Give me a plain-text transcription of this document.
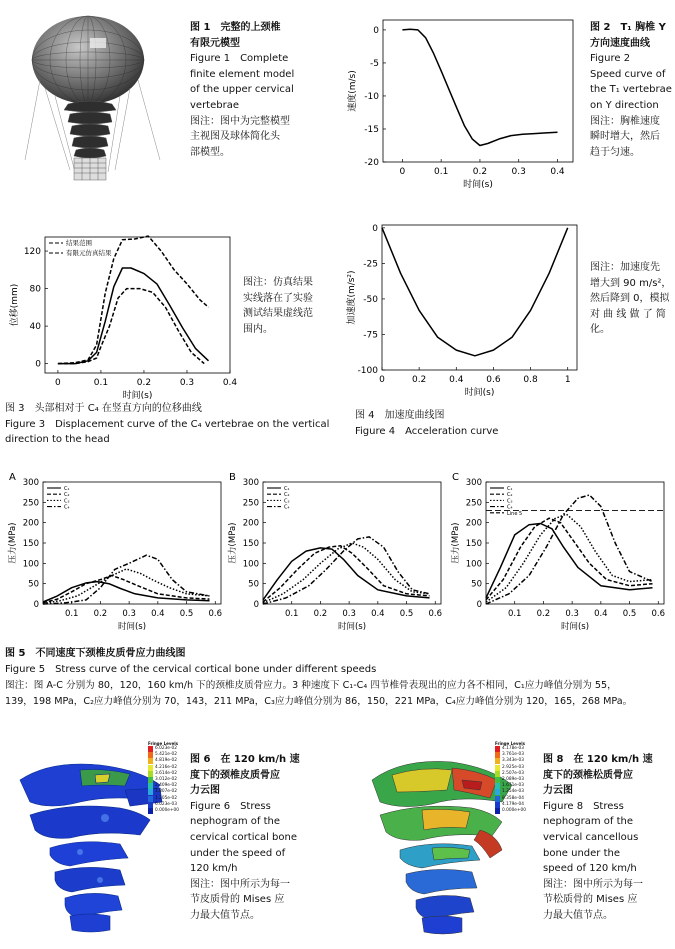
图 1　完整的上颈椎
有限元模型
Figure 1　Complete
finite element model
of the upper cervical
vertebrae
图注：图中为完整模型
主视图及球体简化头
部模型。
0	0.1	0.2	0.3	0.4
0
-5
-10
-15
-20
时间(s)
速度(m/s)
图 2　T₁ 胸椎 Y
方向速度曲线
Figure 2
Speed curve of
the T₁ vertebrae
on Y direction
图注：胸椎速度
瞬时增大，然后
趋于匀速。
0	0.1	0.2	0.3	0.4
0
40
80
120
时间(s)
位移(mm)
结果范围
有限元仿真结果
图注：仿真结果
实线落在了实验
测试结果虚线范
围内。
图 3　头部相对于 C₄ 在竖直方向的位移曲线
Figure 3　Displacement curve of the C₄ vertebrae on the vertical
direction to the head
0	0.2	0.4	0.6	0.8	1
0
-25
-50
-75
-100
时间(s)
加速度(m/s²)
图注：加速度先
增大到 90 m/s²，
然后降到 0，模拟
对 曲 线 做 了 简
化。
图 4　加速度曲线图
Figure 4　Acceleration curve
0.1 0.2 0.3 0.4 0.5 0.6
0
50
100
150
200
250
300
时间(s)
压力(MPa)
C₁
C₂
C₃
C₄
A
0.1 0.2 0.3 0.4 0.5 0.6
0
50
100
150
200
250
300
时间(s)
压力(MPa)
C₁
C₂
C₃
C₄
B
0.1 0.2 0.3 0.4 0.5 0.6
0
50
100
150
200
250
300
时间(s)
压力(MPa)
C₁
C₂
C₃
C₄
Line 5
C
图 5　不同速度下颈椎皮质骨应力曲线图
Figure 5　Stress curve of the cervical cortical bone under different speeds
图注：图 A-C 分别为 80，120，160 km/h 下的颈椎皮质骨应力。3 种速度下 C₁-C₄ 四节椎骨表现出的应力各不相同，C₁应力峰值分别为 55，
139，198 MPa，C₂应力峰值分别为 70，143，211 MPa，C₃应力峰值分别为 86，150，221 MPa，C₄应力峰值分别为 120，165，268 MPa。
Fringe Levels
6.023e-02
5.421e-02
4.819e-02
4.216e-02
3.614e-02
3.012e-02
2.409e-02
1.807e-02
1.205e-02
6.023e-03
0.000e+00
图 6　在 120 km/h 速
度下的颈椎皮质骨应
力云图
Figure 6　Stress
nephogram of the
cervical cortical bone
under the speed of
120 km/h
图注：图中所示为每一
节皮质骨的 Mises 应
力最大值节点。
Fringe Levels
4.178e-03
3.761e-03
3.343e-03
2.925e-03
2.507e-03
2.089e-03
1.671e-03
1.254e-03
8.358e-04
4.179e-04
0.000e+00
图 8　在 120 km/h 速
度下的颈椎松质骨应
力云图
Figure 8　Stress
nephogram of the
vervical cancellous
bone under the
speed of 120 km/h
图注：图中所示为每一
节松质骨的 Mises 应
力最大值节点。
